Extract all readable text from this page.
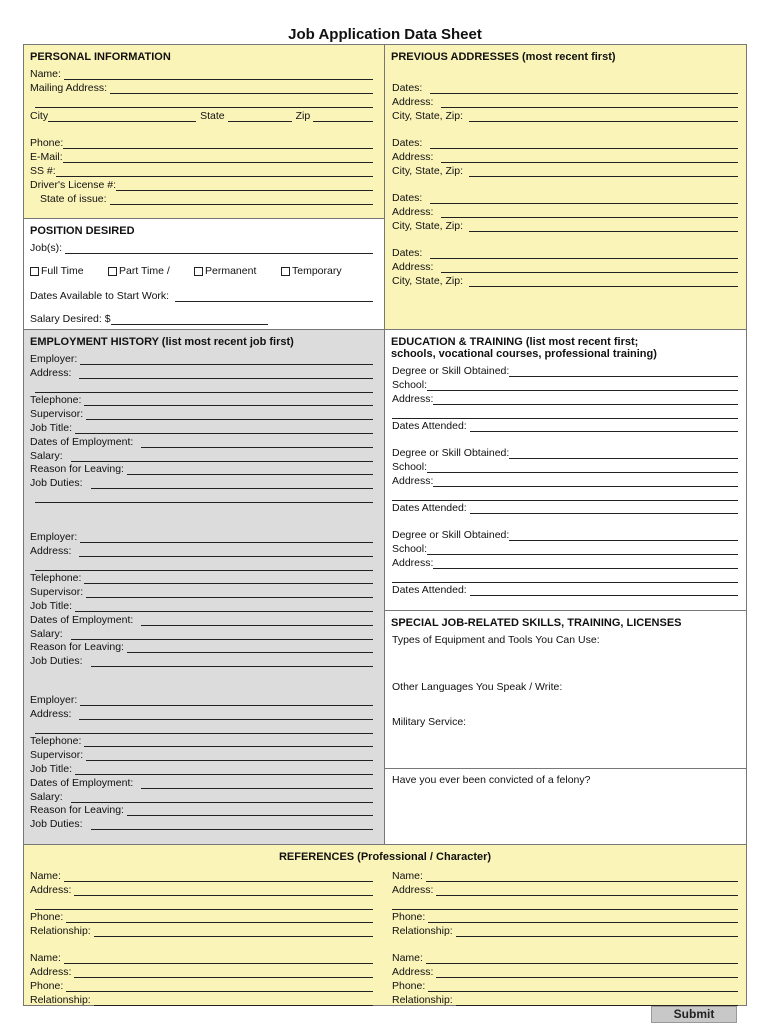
Job Application Data Sheet
PERSONAL INFORMATION
Name:
Mailing Address:
City	State	Zip
Phone:
E-Mail:
SS #:
Driver's License #:
State of issue:
PREVIOUS ADDRESSES (most recent first)
Dates:
Address:
City, State, Zip:
Dates:
Address:
City, State, Zip:
Dates:
Address:
City, State, Zip:
Dates:
Address:
City, State, Zip:
POSITION DESIRED
Job(s):
Full Time	Part Time /	Permanent	Temporary
Dates Available to Start Work:
Salary Desired: $
EMPLOYMENT HISTORY (list most recent job first)
Employer:
Address:
Telephone:
Supervisor:
Job Title:
Dates of Employment:
Salary:
Reason for Leaving:
Job Duties:
Employer:
Address:
Telephone:
Supervisor:
Job Title:
Dates of Employment:
Salary:
Reason for Leaving:
Job Duties:
Employer:
Address:
Telephone:
Supervisor:
Job Title:
Dates of Employment:
Salary:
Reason for Leaving:
Job Duties:
EDUCATION & TRAINING (list most recent first;
schools, vocational courses, professional training)
Degree or Skill Obtained:
School:
Address:
Dates Attended:
Degree or Skill Obtained:
School:
Address:
Dates Attended:
Degree or Skill Obtained:
School:
Address:
Dates Attended:
SPECIAL JOB-RELATED SKILLS, TRAINING, LICENSES
Types of Equipment and Tools You Can Use:
Other Languages You Speak / Write:
Military Service:
Have you ever been convicted of a felony?
REFERENCES (Professional / Character)
Name:
Address:
Phone:
Relationship:
Name:
Address:
Phone:
Relationship:
Name:
Address:
Phone:
Relationship:
Name:
Address:
Phone:
Relationship:
Submit
